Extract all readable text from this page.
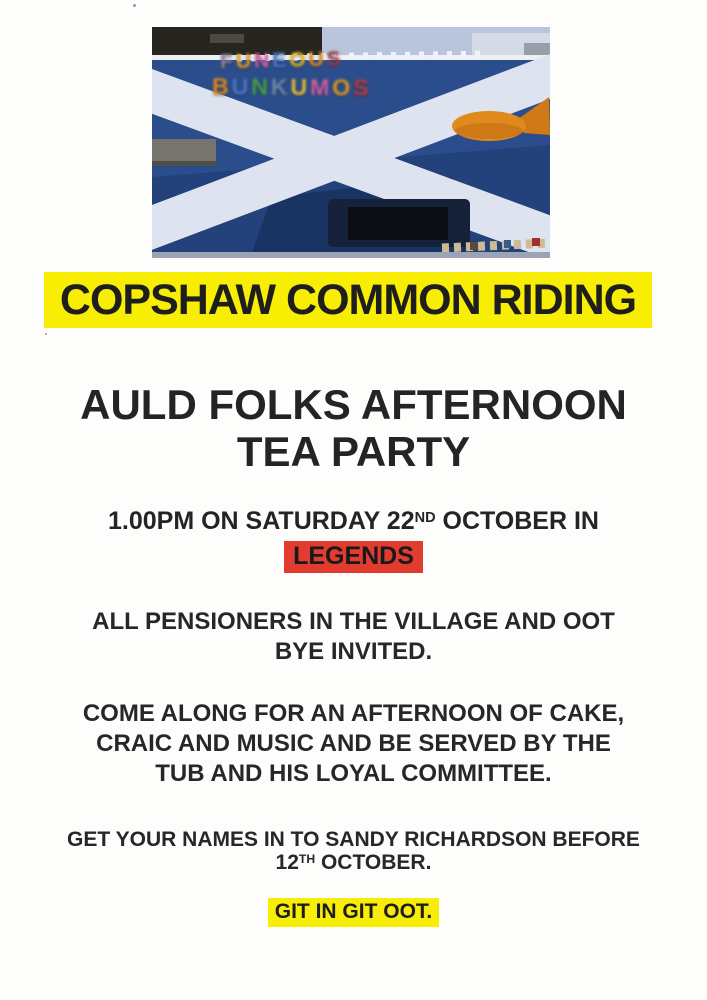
FUNEOUS
BUNKUMOS
COPSHAW COMMON RIDING
AULD FOLKS AFTERNOON
TEA PARTY
1.00PM ON SATURDAY 22ND OCTOBER IN
LEGENDS
ALL PENSIONERS IN THE VILLAGE AND OOT
BYE INVITED.
COME ALONG FOR AN AFTERNOON OF CAKE,
CRAIC AND MUSIC AND BE SERVED BY THE
TUB AND HIS LOYAL COMMITTEE.
GET YOUR NAMES IN TO SANDY RICHARDSON BEFORE
12TH OCTOBER.
GIT IN GIT OOT.
